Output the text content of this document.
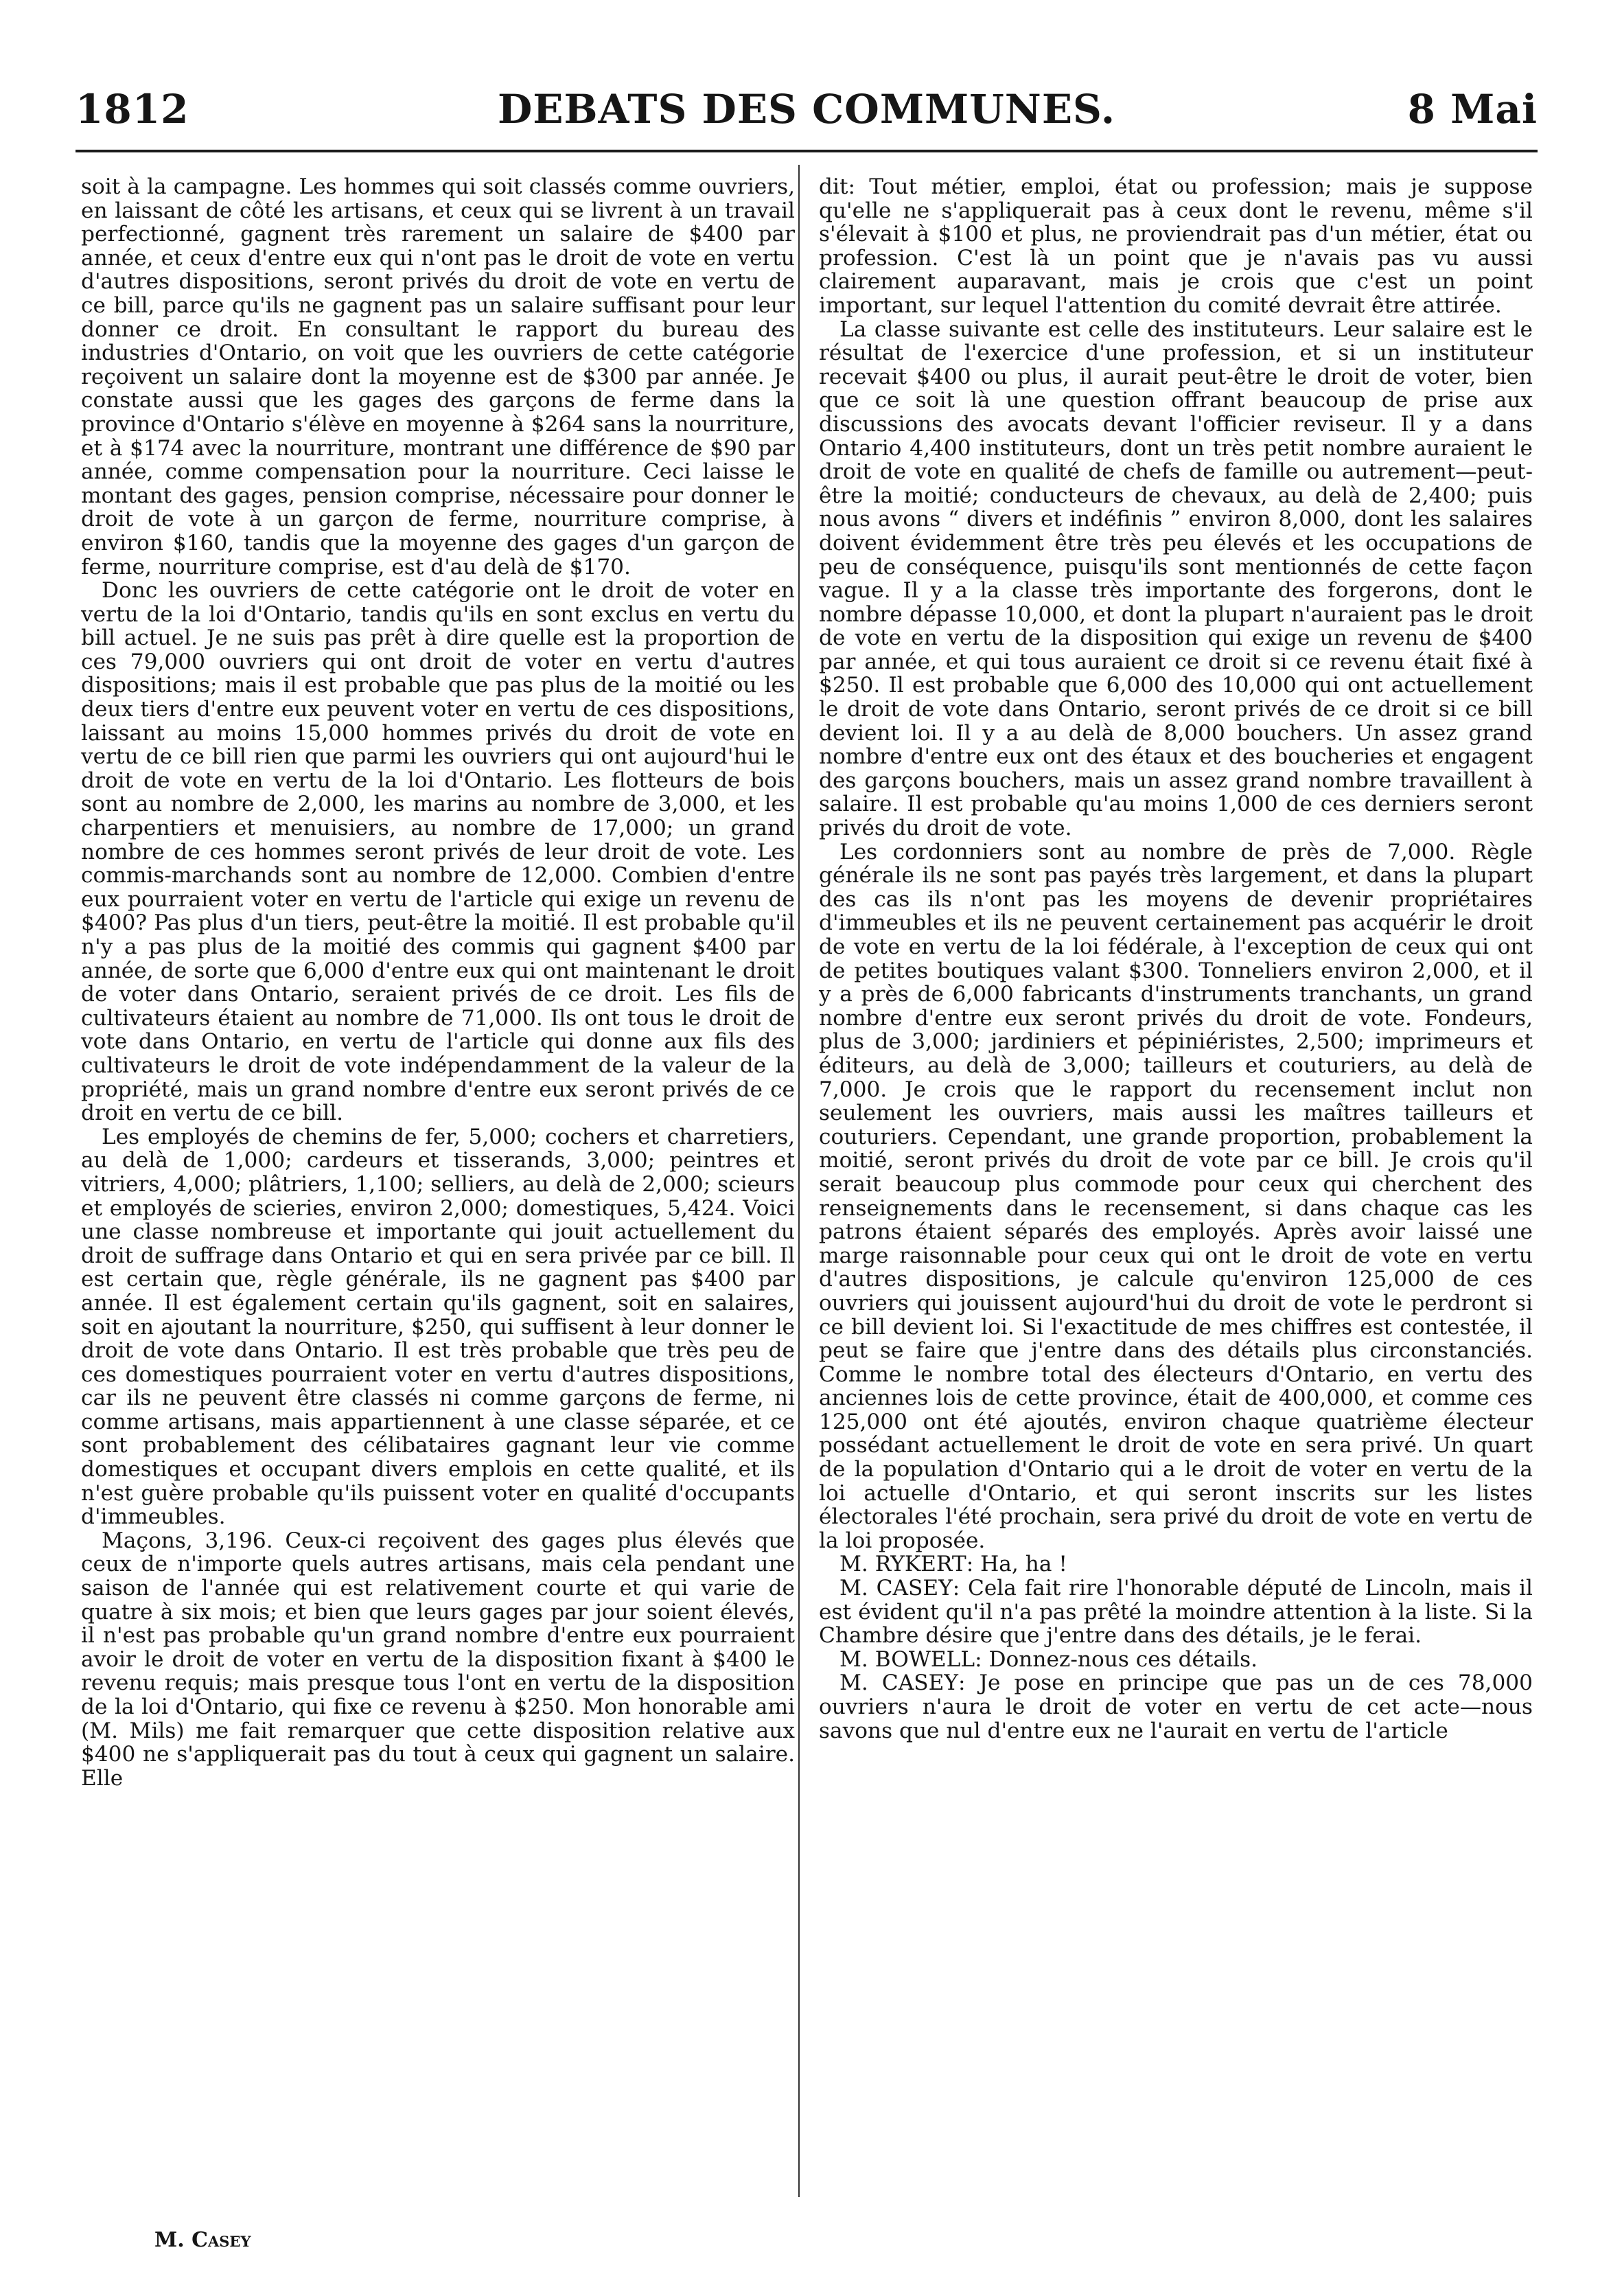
1812	DEBATS DES COMMUNES.	8 Mai

soit à la campagne. Les hommes qui soit classés comme ouvriers, en laissant de côté les artisans, et ceux qui se livrent à un travail perfectionné, gagnent très rarement un salaire de $400 par année, et ceux d'entre eux qui n'ont pas le droit de vote en vertu d'autres dispositions, seront privés du droit de vote en vertu de ce bill, parce qu'ils ne gagnent pas un salaire suffisant pour leur donner ce droit. En consultant le rapport du bureau des industries d'Ontario, on voit que les ouvriers de cette catégorie reçoivent un salaire dont la moyenne est de $300 par année. Je constate aussi que les gages des garçons de ferme dans la province d'Ontario s'élève en moyenne à $264 sans la nourriture, et à $174 avec la nourriture, montrant une différence de $90 par année, comme compensation pour la nourriture. Ceci laisse le montant des gages, pension comprise, nécessaire pour donner le droit de vote à un garçon de ferme, nourriture comprise, à environ $160, tandis que la moyenne des gages d'un garçon de ferme, nourriture comprise, est d'au delà de $170.

Donc les ouvriers de cette catégorie ont le droit de voter en vertu de la loi d'Ontario, tandis qu'ils en sont exclus en vertu du bill actuel. Je ne suis pas prêt à dire quelle est la proportion de ces 79,000 ouvriers qui ont droit de voter en vertu d'autres dispositions; mais il est probable que pas plus de la moitié ou les deux tiers d'entre eux peuvent voter en vertu de ces dispositions, laissant au moins 15,000 hommes privés du droit de vote en vertu de ce bill rien que parmi les ouvriers qui ont aujourd'hui le droit de vote en vertu de la loi d'Ontario. Les flotteurs de bois sont au nombre de 2,000, les marins au nombre de 3,000, et les charpentiers et menuisiers, au nombre de 17,000; un grand nombre de ces hommes seront privés de leur droit de vote. Les commis-marchands sont au nombre de 12,000. Combien d'entre eux pourraient voter en vertu de l'article qui exige un revenu de $400? Pas plus d'un tiers, peut-être la moitié. Il est probable qu'il n'y a pas plus de la moitié des commis qui gagnent $400 par année, de sorte que 6,000 d'entre eux qui ont maintenant le droit de voter dans Ontario, seraient privés de ce droit. Les fils de cultivateurs étaient au nombre de 71,000. Ils ont tous le droit de vote dans Ontario, en vertu de l'article qui donne aux fils des cultivateurs le droit de vote indépendamment de la valeur de la propriété, mais un grand nombre d'entre eux seront privés de ce droit en vertu de ce bill.

Les employés de chemins de fer, 5,000; cochers et charretiers, au delà de 1,000; cardeurs et tisserands, 3,000; peintres et vitriers, 4,000; plâtriers, 1,100; selliers, au delà de 2,000; scieurs et employés de scieries, environ 2,000; domestiques, 5,424. Voici une classe nombreuse et importante qui jouit actuellement du droit de suffrage dans Ontario et qui en sera privée par ce bill. Il est certain que, règle générale, ils ne gagnent pas $400 par année. Il est également certain qu'ils gagnent, soit en salaires, soit en ajoutant la nourriture, $250, qui suffisent à leur donner le droit de vote dans Ontario. Il est très probable que très peu de ces domestiques pourraient voter en vertu d'autres dispositions, car ils ne peuvent être classés ni comme garçons de ferme, ni comme artisans, mais appartiennent à une classe séparée, et ce sont probablement des célibataires gagnant leur vie comme domestiques et occupant divers emplois en cette qualité, et ils n'est guère probable qu'ils puissent voter en qualité d'occupants d'immeubles.

Maçons, 3,196. Ceux-ci reçoivent des gages plus élevés que ceux de n'importe quels autres artisans, mais cela pendant une saison de l'année qui est relativement courte et qui varie de quatre à six mois; et bien que leurs gages par jour soient élevés, il n'est pas probable qu'un grand nombre d'entre eux pourraient avoir le droit de voter en vertu de la disposition fixant à $400 le revenu requis; mais presque tous l'ont en vertu de la disposition de la loi d'Ontario, qui fixe ce revenu à $250. Mon honorable ami (M. Mils) me fait remarquer que cette disposition relative aux $400 ne s'appliquerait pas du tout à ceux qui gagnent un salaire. Elle

dit: Tout métier, emploi, état ou profession; mais je suppose qu'elle ne s'appliquerait pas à ceux dont le revenu, même s'il s'élevait à $100 et plus, ne proviendrait pas d'un métier, état ou profession. C'est là un point que je n'avais pas vu aussi clairement auparavant, mais je crois que c'est un point important, sur lequel l'attention du comité devrait être attirée.

La classe suivante est celle des instituteurs. Leur salaire est le résultat de l'exercice d'une profession, et si un instituteur recevait $400 ou plus, il aurait peut-être le droit de voter, bien que ce soit là une question offrant beaucoup de prise aux discussions des avocats devant l'officier reviseur. Il y a dans Ontario 4,400 instituteurs, dont un très petit nombre auraient le droit de vote en qualité de chefs de famille ou autrement—peut-être la moitié; conducteurs de chevaux, au delà de 2,400; puis nous avons “ divers et indéfinis ” environ 8,000, dont les salaires doivent évidemment être très peu élevés et les occupations de peu de conséquence, puisqu'ils sont mentionnés de cette façon vague. Il y a la classe très importante des forgerons, dont le nombre dépasse 10,000, et dont la plupart n'auraient pas le droit de vote en vertu de la disposition qui exige un revenu de $400 par année, et qui tous auraient ce droit si ce revenu était fixé à $250. Il est probable que 6,000 des 10,000 qui ont actuellement le droit de vote dans Ontario, seront privés de ce droit si ce bill devient loi. Il y a au delà de 8,000 bouchers. Un assez grand nombre d'entre eux ont des étaux et des boucheries et engagent des garçons bouchers, mais un assez grand nombre travaillent à salaire. Il est probable qu'au moins 1,000 de ces derniers seront privés du droit de vote.

Les cordonniers sont au nombre de près de 7,000. Règle générale ils ne sont pas payés très largement, et dans la plupart des cas ils n'ont pas les moyens de devenir propriétaires d'immeubles et ils ne peuvent certainement pas acquérir le droit de vote en vertu de la loi fédérale, à l'exception de ceux qui ont de petites boutiques valant $300. Tonneliers environ 2,000, et il y a près de 6,000 fabricants d'instruments tranchants, un grand nombre d'entre eux seront privés du droit de vote. Fondeurs, plus de 3,000; jardiniers et pépiniéristes, 2,500; imprimeurs et éditeurs, au delà de 3,000; tailleurs et couturiers, au delà de 7,000. Je crois que le rapport du recensement inclut non seulement les ouvriers, mais aussi les maîtres tailleurs et couturiers. Cependant, une grande proportion, probablement la moitié, seront privés du droit de vote par ce bill. Je crois qu'il serait beaucoup plus commode pour ceux qui cherchent des renseignements dans le recensement, si dans chaque cas les patrons étaient séparés des employés. Après avoir laissé une marge raisonnable pour ceux qui ont le droit de vote en vertu d'autres dispositions, je calcule qu'environ 125,000 de ces ouvriers qui jouissent aujourd'hui du droit de vote le perdront si ce bill devient loi. Si l'exactitude de mes chiffres est contestée, il peut se faire que j'entre dans des détails plus circonstanciés. Comme le nombre total des électeurs d'Ontario, en vertu des anciennes lois de cette province, était de 400,000, et comme ces 125,000 ont été ajoutés, environ chaque quatrième électeur possédant actuellement le droit de vote en sera privé. Un quart de la population d'Ontario qui a le droit de voter en vertu de la loi actuelle d'Ontario, et qui seront inscrits sur les listes électorales l'été prochain, sera privé du droit de vote en vertu de la loi proposée.

M. RYKERT: Ha, ha !

M. CASEY: Cela fait rire l'honorable député de Lincoln, mais il est évident qu'il n'a pas prêté la moindre attention à la liste. Si la Chambre désire que j'entre dans des détails, je le ferai.

M. BOWELL: Donnez-nous ces détails.

M. CASEY: Je pose en principe que pas un de ces 78,000 ouvriers n'aura le droit de voter en vertu de cet acte—nous savons que nul d'entre eux ne l'aurait en vertu de l'article

M. Casey
